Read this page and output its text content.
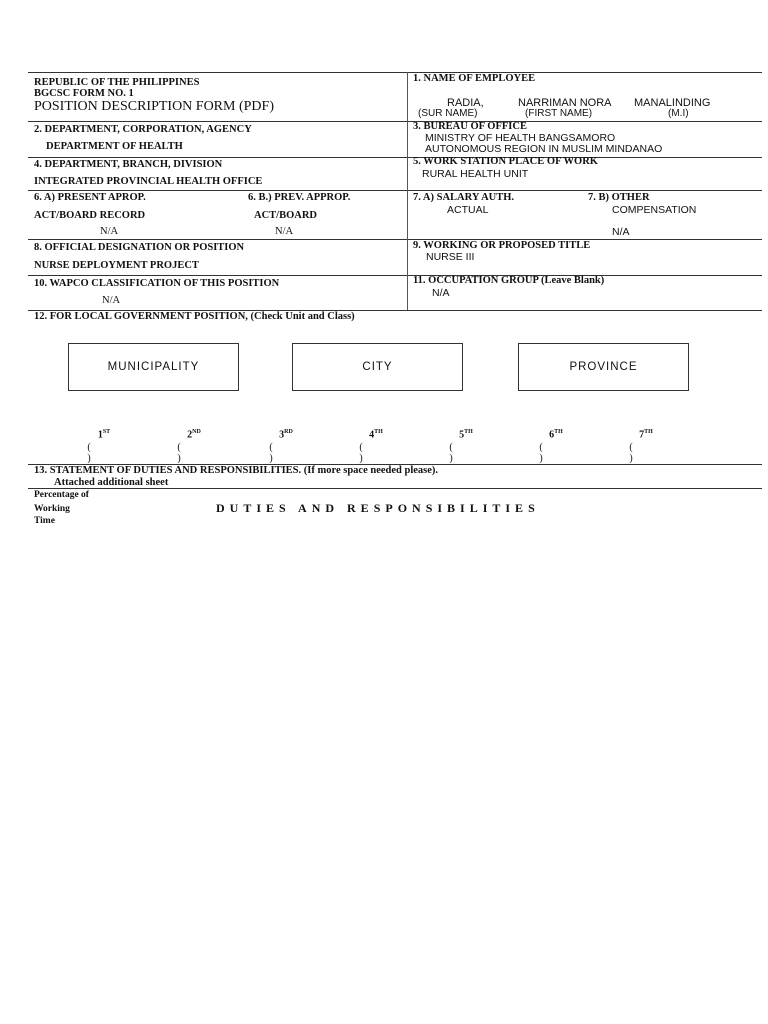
REPUBLIC OF THE PHILIPPINES
BGCSC FORM NO. 1
POSITION DESCRIPTION FORM (PDF)
1. NAME OF EMPLOYEE
RADIA,	NARRIMAN NORA MANALINDING
(SUR NAME)	(FIRST NAME)	(M.I)
2. DEPARTMENT, CORPORATION, AGENCY
DEPARTMENT OF HEALTH
3. BUREAU OF OFFICE
MINISTRY OF HEALTH BANGSAMORO
AUTONOMOUS REGION IN MUSLIM MINDANAO
4. DEPARTMENT, BRANCH, DIVISION
INTEGRATED PROVINCIAL HEALTH OFFICE
5. WORK STATION PLACE OF WORK
RURAL HEALTH UNIT
6. A) PRESENT APROP.
ACT/BOARD RECORD
N/A
6. B.) PREV. APPROP.
ACT/BOARD
N/A
7. A) SALARY AUTH.
ACTUAL
7. B) OTHER
COMPENSATION
N/A
8. OFFICIAL DESIGNATION OR POSITION
NURSE DEPLOYMENT PROJECT
9. WORKING OR PROPOSED TITLE
NURSE III
10. WAPCO CLASSIFICATION OF THIS POSITION
N/A
11. OCCUPATION GROUP (Leave Blank)
N/A
12. FOR LOCAL GOVERNMENT POSITION, (Check Unit and Class)
MUNICIPALITY	CITY	PROVINCE
1ST
( )
2ND
( )
3RD
( )
4TH
( )
5TH
( )
6TH
( )
7TH
( )
13. STATEMENT OF DUTIES AND RESPONSIBILITIES. (If more space needed please).
Attached additional sheet
Percentage of
Working
Time
DUTIES AND RESPONSIBILITIES
